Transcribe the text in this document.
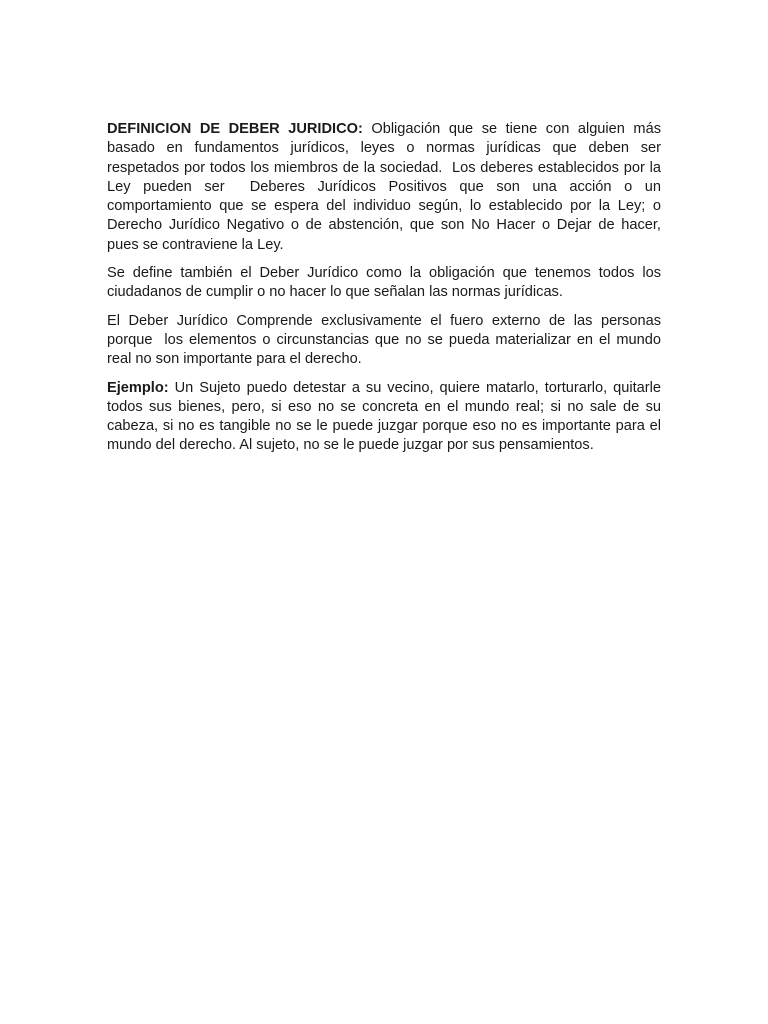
DEFINICION DE DEBER JURIDICO: Obligación que se tiene con alguien más basado en fundamentos jurídicos, leyes o normas jurídicas que deben ser respetados por todos los miembros de la sociedad.  Los deberes establecidos por la Ley pueden ser  Deberes Jurídicos Positivos que son una acción o un comportamiento que se espera del individuo según, lo establecido por la Ley; o Derecho Jurídico Negativo o de abstención, que son No Hacer o Dejar de hacer, pues se contraviene la Ley.

Se define también el Deber Jurídico como la obligación que tenemos todos los ciudadanos de cumplir o no hacer lo que señalan las normas jurídicas.

El Deber Jurídico Comprende exclusivamente el fuero externo de las personas porque  los elementos o circunstancias que no se pueda materializar en el mundo real no son importante para el derecho.

Ejemplo: Un Sujeto puedo detestar a su vecino, quiere matarlo, torturarlo, quitarle todos sus bienes, pero, si eso no se concreta en el mundo real; si no sale de su cabeza, si no es tangible no se le puede juzgar porque eso no es importante para el mundo del derecho. Al sujeto, no se le puede juzgar por sus pensamientos.
